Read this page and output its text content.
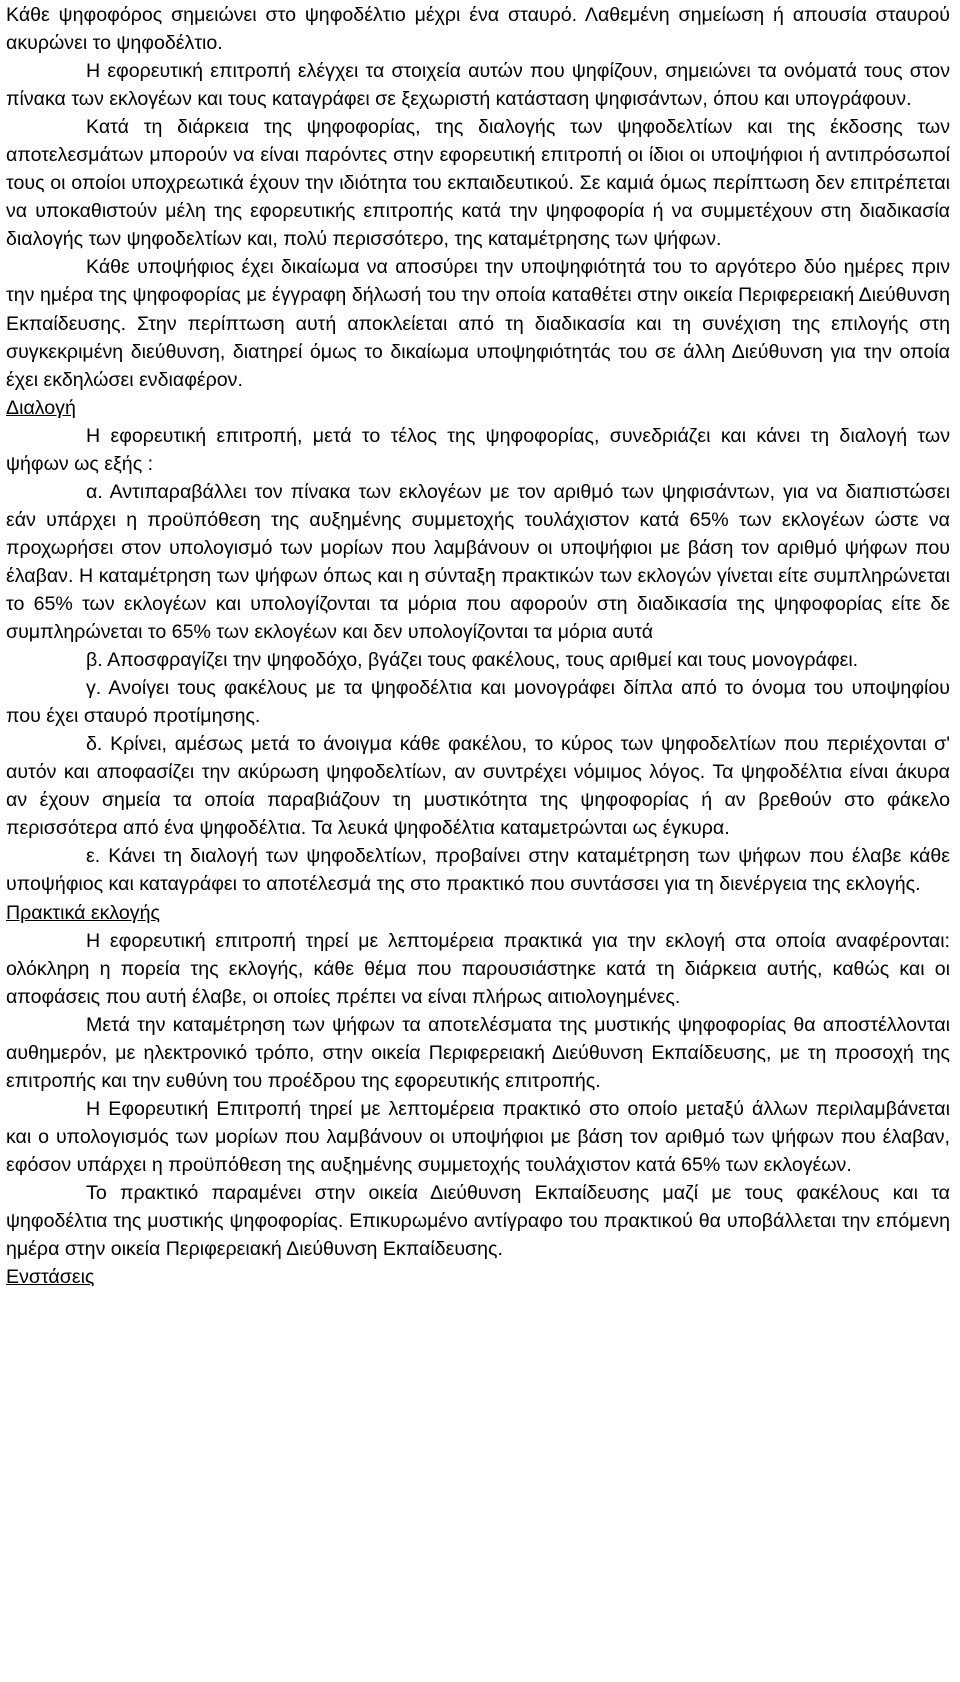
Κάθε ψηφοφόρος σημειώνει στο ψηφοδέλτιο μέχρι ένα σταυρό. Λαθεμένη σημείωση ή απουσία σταυρού ακυρώνει το ψηφοδέλτιο.

Η εφορευτική επιτροπή ελέγχει τα στοιχεία αυτών που ψηφίζουν, σημειώνει τα ονόματά τους στον πίνακα των εκλογέων και τους καταγράφει σε ξεχωριστή κατάσταση ψηφισάντων, όπου και υπογράφουν.

Κατά τη διάρκεια της ψηφοφορίας, της διαλογής των ψηφοδελτίων και της έκδοσης των αποτελεσμάτων μπορούν να είναι παρόντες στην εφορευτική επιτροπή οι ίδιοι οι υποψήφιοι ή αντιπρόσωποί τους οι οποίοι υποχρεωτικά έχουν την ιδιότητα του εκπαιδευτικού. Σε καμιά όμως περίπτωση δεν επιτρέπεται να υποκαθιστούν μέλη της εφορευτικής επιτροπής κατά την ψηφοφορία ή να συμμετέχουν στη διαδικασία διαλογής των ψηφοδελτίων και, πολύ περισσότερο, της καταμέτρησης των ψήφων.

Κάθε υποψήφιος έχει δικαίωμα να αποσύρει την υποψηφιότητά του το αργότερο δύο ημέρες πριν την ημέρα της ψηφοφορίας με έγγραφη δήλωσή του την οποία καταθέτει στην οικεία Περιφερειακή Διεύθυνση Εκπαίδευσης. Στην περίπτωση αυτή αποκλείεται από τη διαδικασία και τη συνέχιση της επιλογής στη συγκεκριμένη διεύθυνση, διατηρεί όμως το δικαίωμα υποψηφιότητάς του σε άλλη Διεύθυνση για την οποία έχει εκδηλώσει ενδιαφέρον.

Διαλογή

Η εφορευτική επιτροπή, μετά το τέλος της ψηφοφορίας, συνεδριάζει και κάνει τη διαλογή των ψήφων ως εξής :

α. Αντιπαραβάλλει τον πίνακα των εκλογέων με τον αριθμό των ψηφισάντων, για να διαπιστώσει εάν υπάρχει η προϋπόθεση της αυξημένης συμμετοχής τουλάχιστον κατά 65% των εκλογέων ώστε να προχωρήσει στον υπολογισμό των μορίων που λαμβάνουν οι υποψήφιοι με βάση τον αριθμό ψήφων που έλαβαν. Η καταμέτρηση των ψήφων όπως και η σύνταξη πρακτικών των εκλογών γίνεται είτε συμπληρώνεται το 65% των εκλογέων και υπολογίζονται τα μόρια που αφορούν στη διαδικασία της ψηφοφορίας είτε δε συμπληρώνεται το 65% των εκλογέων και δεν υπολογίζονται τα μόρια αυτά

β. Αποσφραγίζει την ψηφοδόχο, βγάζει τους φακέλους, τους αριθμεί και τους μονογράφει.

γ. Ανοίγει τους φακέλους με τα ψηφοδέλτια και μονογράφει δίπλα από το όνομα του υποψηφίου που έχει σταυρό προτίμησης.

δ. Κρίνει, αμέσως μετά το άνοιγμα κάθε φακέλου, το κύρος των ψηφοδελτίων που περιέχονται σ' αυτόν και αποφασίζει την ακύρωση ψηφοδελτίων, αν συντρέχει νόμιμος λόγος. Τα ψηφοδέλτια είναι άκυρα αν έχουν σημεία τα οποία παραβιάζουν τη μυστικότητα της ψηφοφορίας ή αν βρεθούν στο φάκελο περισσότερα από ένα ψηφοδέλτια. Τα λευκά ψηφοδέλτια καταμετρώνται ως έγκυρα.

ε. Κάνει τη διαλογή των ψηφοδελτίων, προβαίνει στην καταμέτρηση των ψήφων που έλαβε κάθε υποψήφιος και καταγράφει το αποτέλεσμά της στο πρακτικό που συντάσσει για τη διενέργεια της εκλογής.

Πρακτικά εκλογής

Η εφορευτική επιτροπή τηρεί με λεπτομέρεια πρακτικά για την εκλογή στα οποία αναφέρονται: ολόκληρη η πορεία της εκλογής, κάθε θέμα που παρουσιάστηκε κατά τη διάρκεια αυτής, καθώς και οι αποφάσεις που αυτή έλαβε, οι οποίες πρέπει να είναι πλήρως αιτιολογημένες.

Μετά την καταμέτρηση των ψήφων τα αποτελέσματα της μυστικής ψηφοφορίας θα αποστέλλονται αυθημερόν, με ηλεκτρονικό τρόπο, στην οικεία Περιφερειακή Διεύθυνση Εκπαίδευσης, με τη προσοχή της επιτροπής και την ευθύνη του προέδρου της εφορευτικής επιτροπής.

Η Εφορευτική Επιτροπή τηρεί με λεπτομέρεια πρακτικό στο οποίο μεταξύ άλλων περιλαμβάνεται και ο υπολογισμός των μορίων που λαμβάνουν οι υποψήφιοι με βάση τον αριθμό των ψήφων που έλαβαν, εφόσον υπάρχει η προϋπόθεση της αυξημένης συμμετοχής τουλάχιστον κατά 65% των εκλογέων.

Το πρακτικό παραμένει στην οικεία Διεύθυνση Εκπαίδευσης μαζί με τους φακέλους και τα ψηφοδέλτια της μυστικής ψηφοφορίας. Επικυρωμένο αντίγραφο του πρακτικού θα υποβάλλεται την επόμενη ημέρα στην οικεία Περιφερειακή Διεύθυνση Εκπαίδευσης.

Ενστάσεις
